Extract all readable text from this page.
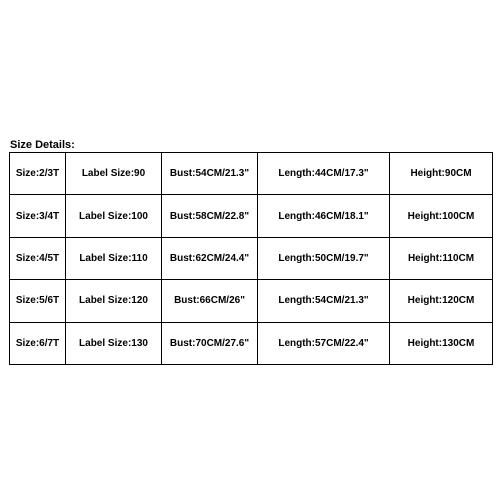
Size Details:
Size:2/3T	Label Size:90	Bust:54CM/21.3"	Length:44CM/17.3"	Height:90CM
Size:3/4T	Label Size:100	Bust:58CM/22.8"	Length:46CM/18.1"	Height:100CM
Size:4/5T	Label Size:110	Bust:62CM/24.4"	Length:50CM/19.7"	Height:110CM
Size:5/6T	Label Size:120	Bust:66CM/26"	Length:54CM/21.3"	Height:120CM
Size:6/7T	Label Size:130	Bust:70CM/27.6"	Length:57CM/22.4"	Height:130CM
